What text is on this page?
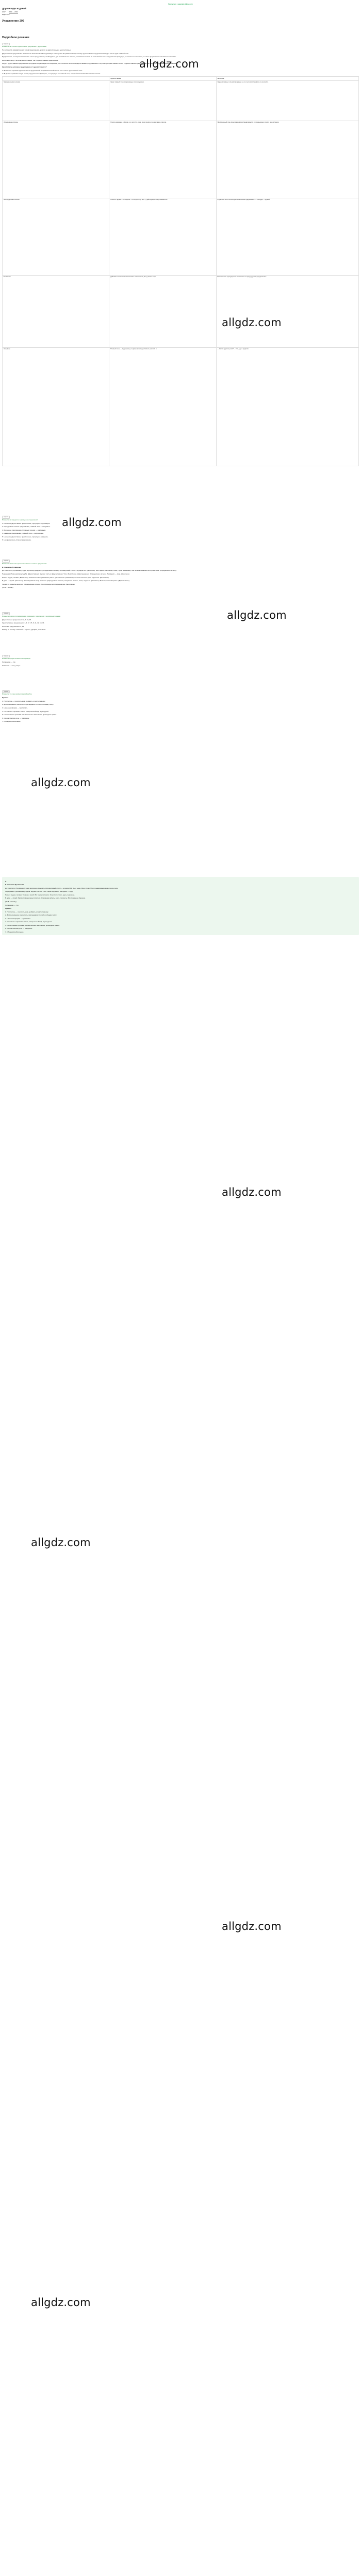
Вернуться к задачам allgdz.com
Другие годы изданий
2017 2019 — 2022
allgdz.com
Упражнение 296
Подробное решение
Задание
Вспомните, как отличать односоставные предложения и двусоставные.

По количеству грамматических основ предложения делятся на двусоставные и односоставные.

Двусоставное предложение обязательно включает в себя подлежащее и сказуемое. В грамматическую основу односоставного предложения входит только один главный член.

Предложение, в котором имеются все члены предложения, необходимые для понимания его смысла, называется полным. А если какой-то член предложения пропущен, но понятен из контекста, то такое предложение называется неполным.

Неполными могут быть как двусоставные, так и односоставные предложения.

Когда в двусоставном предложении пропущены подлежащее или сказуемое, оно считается неполным двусоставным предложением. В случае пропуска главного члена в односоставном предложении оно считается неполным односоставным.

Как отличить неполное предложение от односоставного?

1. Вспомнить признаки односоставных предложений: в грамматической основе есть только один главный член.

2. Выделить грамматическую основу предложения. Проверить, не пропущен ли главный член, который восстанавливается из контекста.

	Односоставное	Неполное
Грамматическая основа	Один главный член (подлежащее или сказуемое).	Один из главных членов пропущен, но его легко восстановить по контексту.
Определённо-личное	Глагол-сказуемое в форме 1-го или 2-го лица; лицо понятно по окончанию глагола.	Пропущенный член предложения восстанавливается из предыдущего текста или ситуации.
Неопределённо-личное	Глагол в форме 3-го лица мн. ч. или прош. вр. мн. ч.; действующее лицо неизвестно.	В диалоге часто используются неполные предложения: — Ты куда? — Домой.
Безличное	Действие или состояние возникает само по себе, без участия лица.	Восстановить пропущенный член можно по предыдущему предложению.
Назывное	Главный член — подлежащее, выраженное существительным в И. п.	— Кисом дорогие реки? — Там, где я родился.
Задание
Вспомните, как определять вид и функцию предложений.

1. Неполное двусоставное предложение, пропущено подлежащее.

2. Определённо-личное предложение, главный член — сказуемое.

3. Безличное предложение с главным членом — сказуемым.

4. Назывное предложение, главный член — подлежащее.

5. Неполное двусоставное предложение, пропущено сказуемое.

6. Неопределённо-личное предложение.

Задание
Вспомните, какие знаки препинания ставятся в сложных предложениях.

В Спасском-Лутовинове

До Спасского (Лутовинова). Едем ещё вечер двадцать. (Определённо-личное). Километровый столб — а рядом 303. (Неполное). Мы и едем. (Неполное). Рано утром. (Назывное). Мы останавливаемся на опушке леса. (Определённо-личное).

Перед нами Тургеневская усадьба. (Двусоставное). Шуршат листья. (Двусоставное). Тихо. (Безличное). Идём медленно. (Определённо-личное). Там вдали — пруд. (Неполное).

Пахнет мёдом, липами. (Безличное). Тишина и покой. (Назывное). Вот и дом писателя. (Назывное). Хочется постоять здесь подольше. (Безличное).

В доме — музей. (Неполное). Рассматриваем вещи писателя. (Определённо-личное). Старинная мебель, книги, портреты. (Назывное). Всё сохранено бережно. (Двусоставное).

Уходим из усадьбы неохотно. (Определённо-личное). Хочется вернуться сюда ещё раз. (Безличное).

(По В. Пескову)

Задание
Вспомните правила постановки знаков препинания в предложениях с однородными членами.

Двусоставные предложения: 2, 6, 10, 15.

Односоставные предложения: 1, 3, 4, 7, 8, 9, 11, 12, 13, 14.

Неполные предложения: 5, 16.

Разбор по составу: спасский — корень, суффикс, окончание.

Задание
Вспомните порядок синтаксического разбора.

Лутовиново — тур.

Значение — «лес, роща».

Задание
Вспомните, что такое морфологический разбор.

Присчет

1. Присчитать — посчитать ещё, добавить к подсчитанному.

2. Другое значение: рассчитать, присоединяя что-либо к общему числу.

3. Начальная форма — присчитать.

4. Постоянные признаки: глагол, совершенный вид, переходный.

5. Непостоянные признаки: изъявительное наклонение, прошедшее время.

6. Синтаксическая роль — сказуемое.

7. Общеупотребительное.

II.

В Спасском-Лутовинове

До Спасского (Лутовинова). Едем ещё вечер двадцать. Километровый столб — а рядом 303. Мы и едем. Рано утром. Мы останавливаемся на опушке леса.

Перед нами Тургеневская усадьба. Шуршат листья. Тихо. Идём медленно. Там вдали — пруд.

Пахнет мёдом, липами. Тишина и покой. Вот и дом писателя. Хочется постоять здесь подольше.

В доме — музей. Рассматриваем вещи писателя. Старинная мебель, книги, портреты. Всё сохранено бережно.

(По В. Пескову)

Лутовиново — тур.

Присчет

1. Присчитать — посчитать ещё, добавить к подсчитанному.

2. Другое значение: рассчитать, присоединяя что-либо к общему числу.

3. Начальная форма — присчитать.

4. Постоянные признаки: глагол, совершенный вид, переходный.

5. Непостоянные признаки: изъявительное наклонение, прошедшее время.

6. Синтаксическая роль — сказуемое.

7. Общеупотребительное.

allgdz.com
allgdz.com
allgdz.com
allgdz.com
allgdz.com
allgdz.com
allgdz.com
allgdz.com
allgdz.com
